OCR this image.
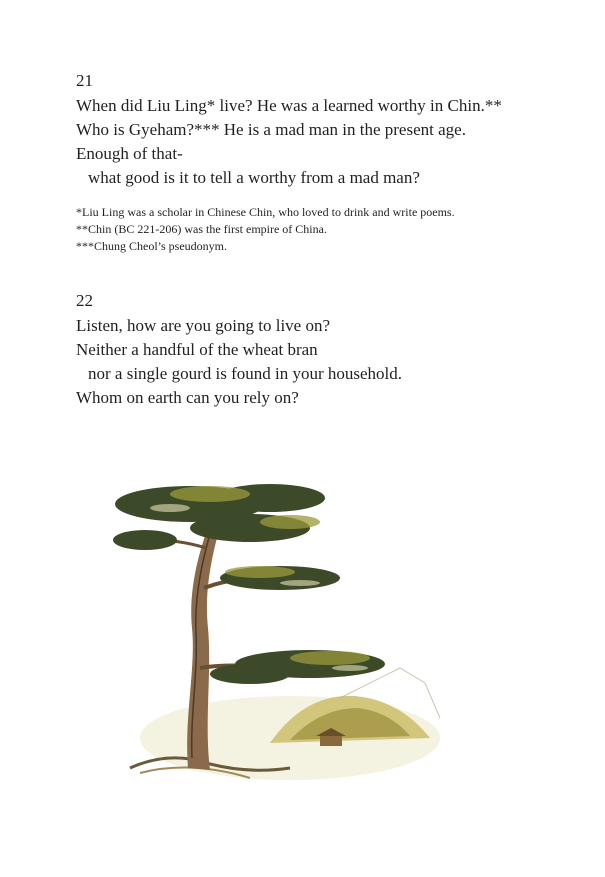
21
When did Liu Ling* live? He was a learned worthy in Chin.**
Who is Gyeham?*** He is a mad man in the present age.
Enough of that-
what good is it to tell a worthy from a mad man?
*Liu Ling was a scholar in Chinese Chin, who loved to drink and write poems.
**Chin (BC 221-206) was the first empire of China.
***Chung Cheol’s pseudonym.
22
Listen, how are you going to live on?
Neither a handful of the wheat bran
nor a single gourd is found in your household.
Whom on earth can you rely on?
